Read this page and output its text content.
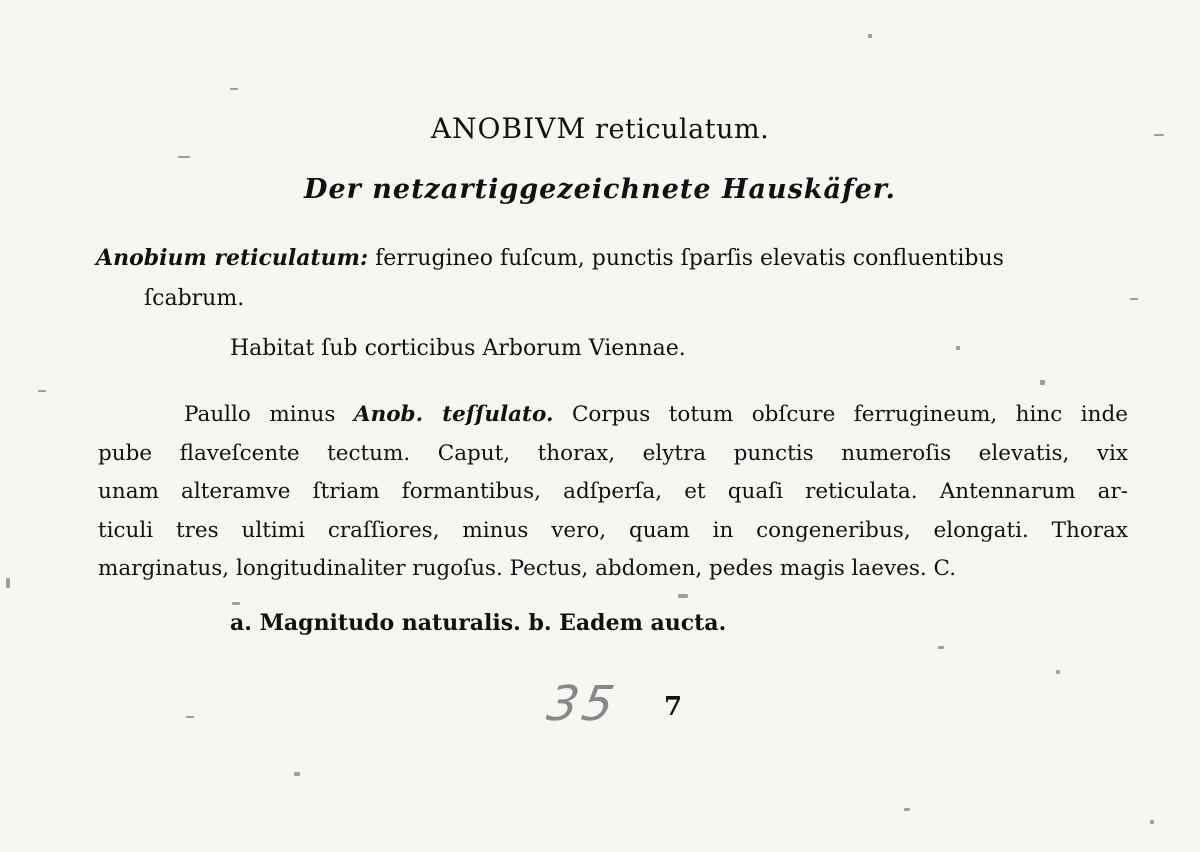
ANOBIVM reticulatum.
Der netzartiggezeichnete Hauskäfer.
Anobium reticulatum: ferrugineo fuſcum, punctis ſparſis elevatis confluentibus
ſcabrum.
Habitat ſub corticibus Arborum Viennae.
Paullo minus Anob. teſſulato. Corpus totum obſcure ferrugineum, hinc inde
pube flaveſcente tectum. Caput, thorax, elytra punctis numeroſis elevatis, vix
unam alteramve ſtriam formantibus, adſperſa, et quaſi reticulata. Antennarum ar-
ticuli tres ultimi craſſiores, minus vero, quam in congeneribus, elongati. Thorax
marginatus, longitudinaliter rugoſus. Pectus, abdomen, pedes magis laeves. C.
a. Magnitudo naturalis. b. Eadem aucta.
35 7
